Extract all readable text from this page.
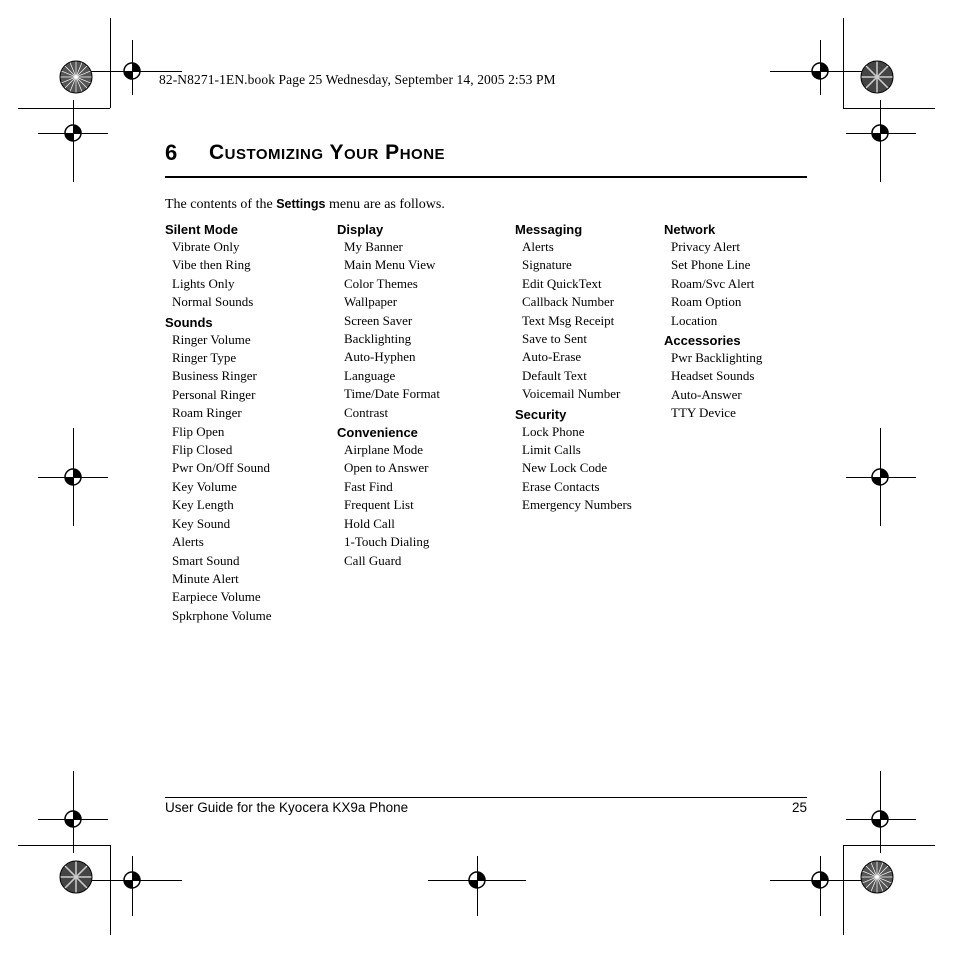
82-N8271-1EN.book Page 25 Wednesday, September 14, 2005 2:53 PM
6 Customizing Your Phone
The contents of the Settings menu are as follows.
Silent Mode
Vibrate Only
Vibe then Ring
Lights Only
Normal Sounds
Sounds
Ringer Volume
Ringer Type
Business Ringer
Personal Ringer
Roam Ringer
Flip Open
Flip Closed
Pwr On/Off Sound
Key Volume
Key Length
Key Sound
Alerts
Smart Sound
Minute Alert
Earpiece Volume
Spkrphone Volume
Display
My Banner
Main Menu View
Color Themes
Wallpaper
Screen Saver
Backlighting
Auto-Hyphen
Language
Time/Date Format
Contrast
Convenience
Airplane Mode
Open to Answer
Fast Find
Frequent List
Hold Call
1-Touch Dialing
Call Guard
Messaging
Alerts
Signature
Edit QuickText
Callback Number
Text Msg Receipt
Save to Sent
Auto-Erase
Default Text
Voicemail Number
Security
Lock Phone
Limit Calls
New Lock Code
Erase Contacts
Emergency Numbers
Network
Privacy Alert
Set Phone Line
Roam/Svc Alert
Roam Option
Location
Accessories
Pwr Backlighting
Headset Sounds
Auto-Answer
TTY Device
User Guide for the Kyocera KX9a Phone	25
